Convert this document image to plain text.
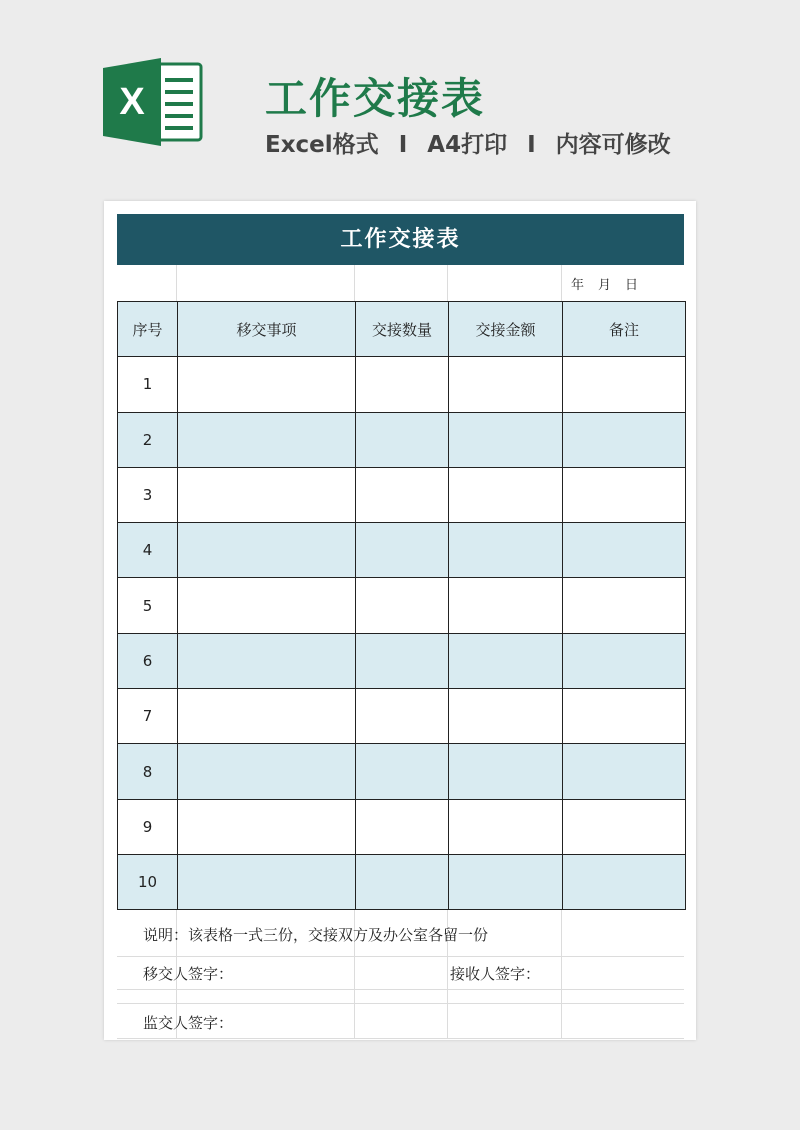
X	工作交接表
Excel格式 I A4打印 I 内容可修改
工作交接表
年 月 日
序号	移交事项	交接数量	交接金额	备注
1
2
3
4
5
6
7
8
9
10
说明：该表格一式三份，交接双方及办公室各留一份
移交人签字：	接收人签字：
监交人签字：
